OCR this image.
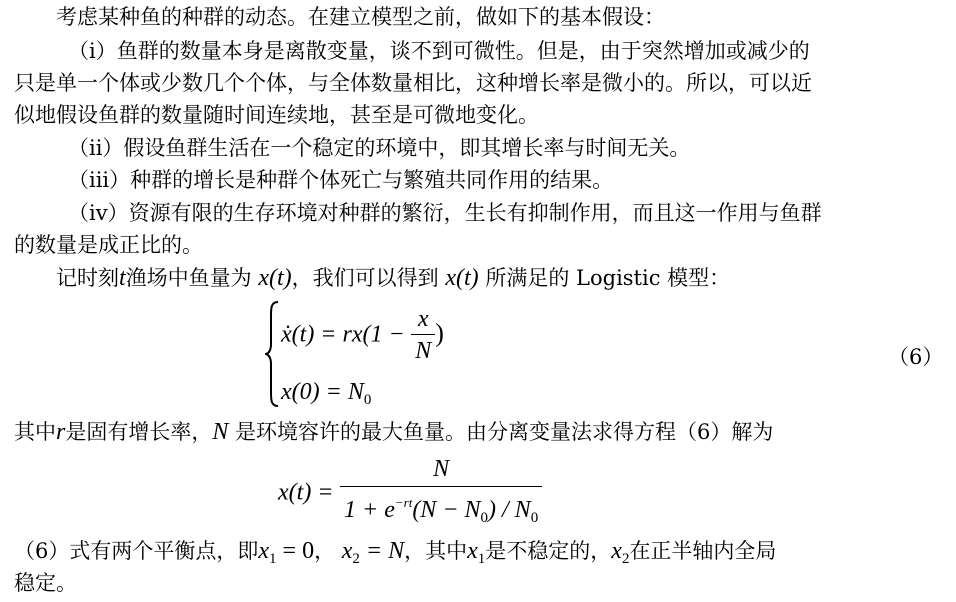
考虑某种鱼的种群的动态。在建立模型之前，做如下的基本假设：
（i）鱼群的数量本身是离散变量，谈不到可微性。但是，由于突然增加或减少的
只是单一个体或少数几个个体，与全体数量相比，这种增长率是微小的。所以，可以近
似地假设鱼群的数量随时间连续地，甚至是可微地变化。
（ii）假设鱼群生活在一个稳定的环境中，即其增长率与时间无关。
（iii）种群的增长是种群个体死亡与繁殖共同作用的结果。
（iv）资源有限的生存环境对种群的繁衍，生长有抑制作用，而且这一作用与鱼群
的数量是成正比的。
记时刻t渔场中鱼量为 x(t)，我们可以得到 x(t) 所满足的 Logistic 模型：
ẋ(t) = $rx(1 - \frac{x}{N}$ )
$x(0) = N_0$
（6）
其中r是固有增长率，N 是环境容许的最大鱼量。由分离变量法求得方程（6）解为
$x(t) = \frac{N}{1 + e^{-rt}(N - N_0) / N_0}$
（6）式有两个平衡点，即$x_1 = 0$， $x_2 = N$，其中$x_1$是不稳定的，$x_2$在正半轴内全局
稳定。
